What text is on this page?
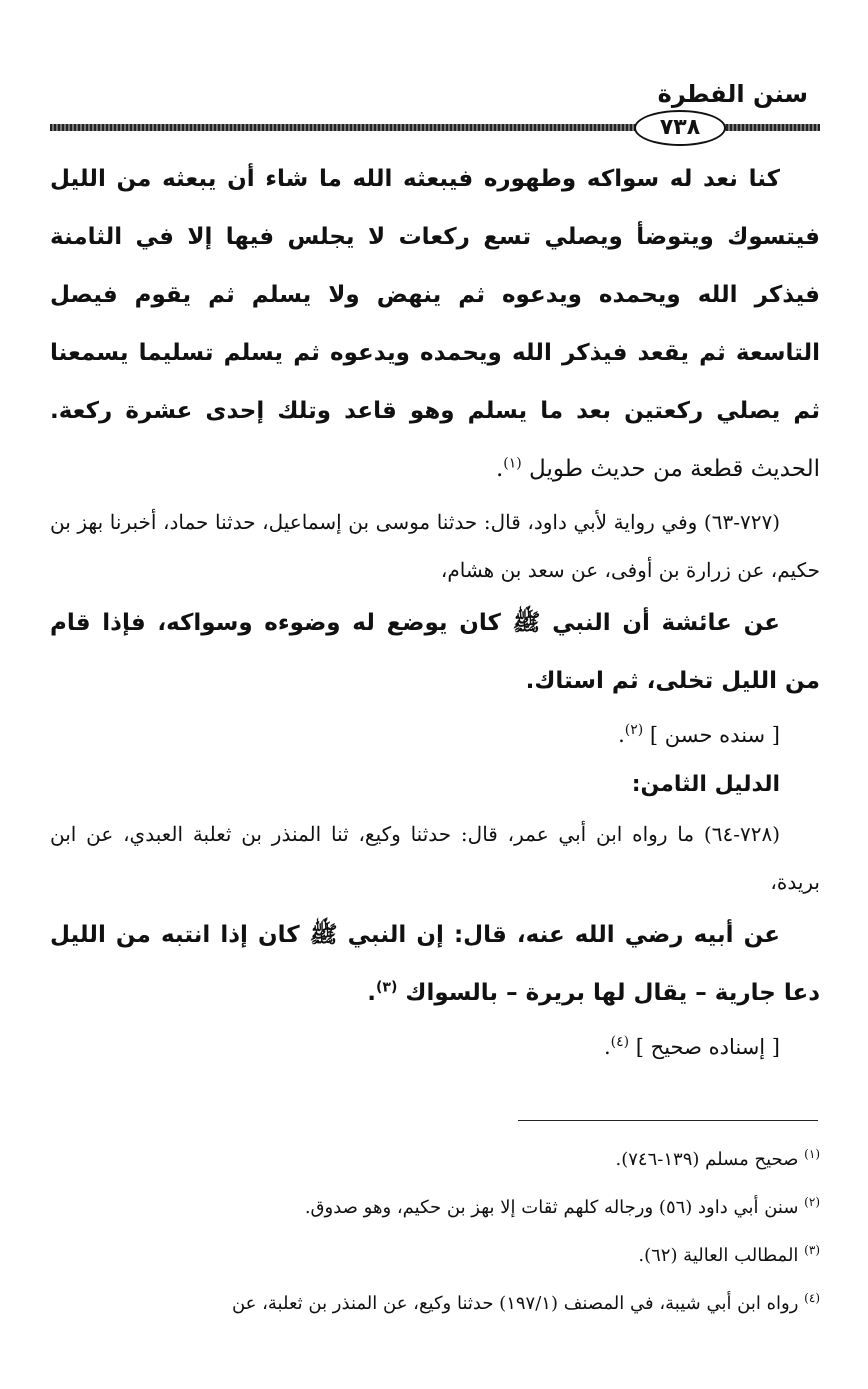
سنن الفطرة
٧٣٨

كنا نعد له سواكه وطهوره فيبعثه الله ما شاء أن يبعثه من الليل فيتسوك ويتوضأ ويصلي تسع ركعات لا يجلس فيها إلا في الثامنة فيذكر الله ويحمده ويدعوه ثم ينهض ولا يسلم ثم يقوم فيصل التاسعة ثم يقعد فيذكر الله ويحمده ويدعوه ثم يسلم تسليما يسمعنا ثم يصلي ركعتين بعد ما يسلم وهو قاعد وتلك إحدى عشرة ركعة. الحديث قطعة من حديث طويل $^{(١)}$.

(٧٢٧-٦٣) وفي رواية لأبي داود، قال: حدثنا موسى بن إسماعيل، حدثنا حماد، أخبرنا بهز بن حكيم، عن زرارة بن أوفى، عن سعد بن هشام،

عن عائشة أن النبي ﷺ كان يوضع له وضوءه وسواكه، فإذا قام من الليل تخلى، ثم استاك.

[ سنده حسن ] $^{(٢)}$.

الدليل الثامن:

(٧٢٨-٦٤) ما رواه ابن أبي عمر، قال: حدثنا وكيع، ثنا المنذر بن ثعلبة العبدي، عن ابن بريدة،

عن أبيه رضي الله عنه، قال: إن النبي ﷺ كان إذا انتبه من الليل دعا جارية – يقال لها بريرة – بالسواك $^{(٣)}$.

[ إسناده صحيح ] $^{(٤)}$.

$^{(١)}$ صحيح مسلم (١٣٩-٧٤٦).

$^{(٢)}$ سنن أبي داود (٥٦) ورجاله كلهم ثقات إلا بهز بن حكيم، وهو صدوق.

$^{(٣)}$ المطالب العالية (٦٢).

$^{(٤)}$ رواه ابن أبي شيبة، في المصنف (١٩٧/١) حدثنا وكيع، عن المنذر بن ثعلبة، عن
